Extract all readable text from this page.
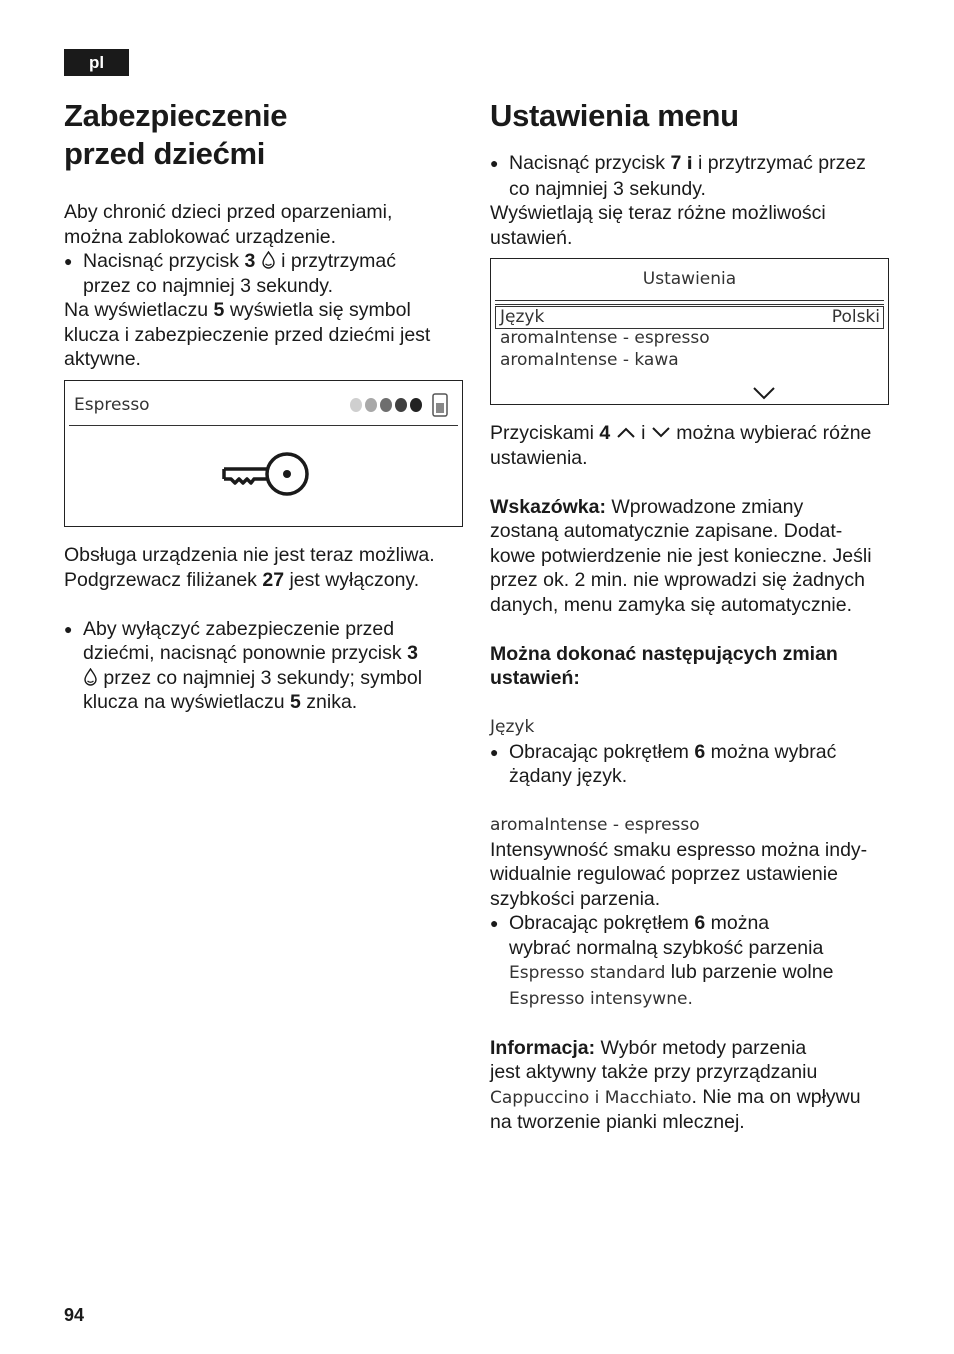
pl
Zabezpieczenie
przed dziećmi

Aby chronić dzieci przed oparzeniami,

można zablokować urządzenie.

● Nacisnąć przycisk 3  i przytrzymać
przez co najmniej 3 sekundy.

Na wyświetlaczu 5 wyświetla się symbol

klucza i zabezpieczenie przed dziećmi jest

aktywne.

Espresso

Obsługa urządzenia nie jest teraz możliwa.

Podgrzewacz filiżanek 27 jest wyłączony.

● Aby wyłączyć zabezpieczenie przed
dziećmi, nacisnąć ponownie przycisk 3
przez co najmniej 3 sekundy; symbol
klucza na wyświetlaczu 5 znika.
Ustawienia menu
● Nacisnąć przycisk 7 i i przytrzymać przez
co najmniej 3 sekundy.

Wyświetlają się teraz różne możliwości

ustawień.

Ustawienia
Język	Polski
aromaIntense - espresso
aromaIntense - kawa

Przyciskami 4  i  można wybierać różne

ustawienia.

Wskazówka: Wprowadzone zmiany

zostaną automatycznie zapisane. Dodat-

kowe potwierdzenie nie jest konieczne. Jeśli

przez ok. 2 min. nie wprowadzi się żadnych

danych, menu zamyka się automatycznie.

Można dokonać następujących zmian

ustawień:

Język

● Obracając pokrętłem 6 można wybrać
żądany język.

aromaIntense - espresso

Intensywność smaku espresso można indy-

widualnie regulować poprzez ustawienie

szybkości parzenia.

● Obracając pokrętłem 6 można
wybrać normalną szybkość parzenia
Espresso standard lub parzenie wolne
Espresso intensywne.

Informacja: Wybór metody parzenia

jest aktywny także przy przyrządzaniu

Cappuccino i Macchiato. Nie ma on wpływu

na tworzenie pianki mlecznej.

94
